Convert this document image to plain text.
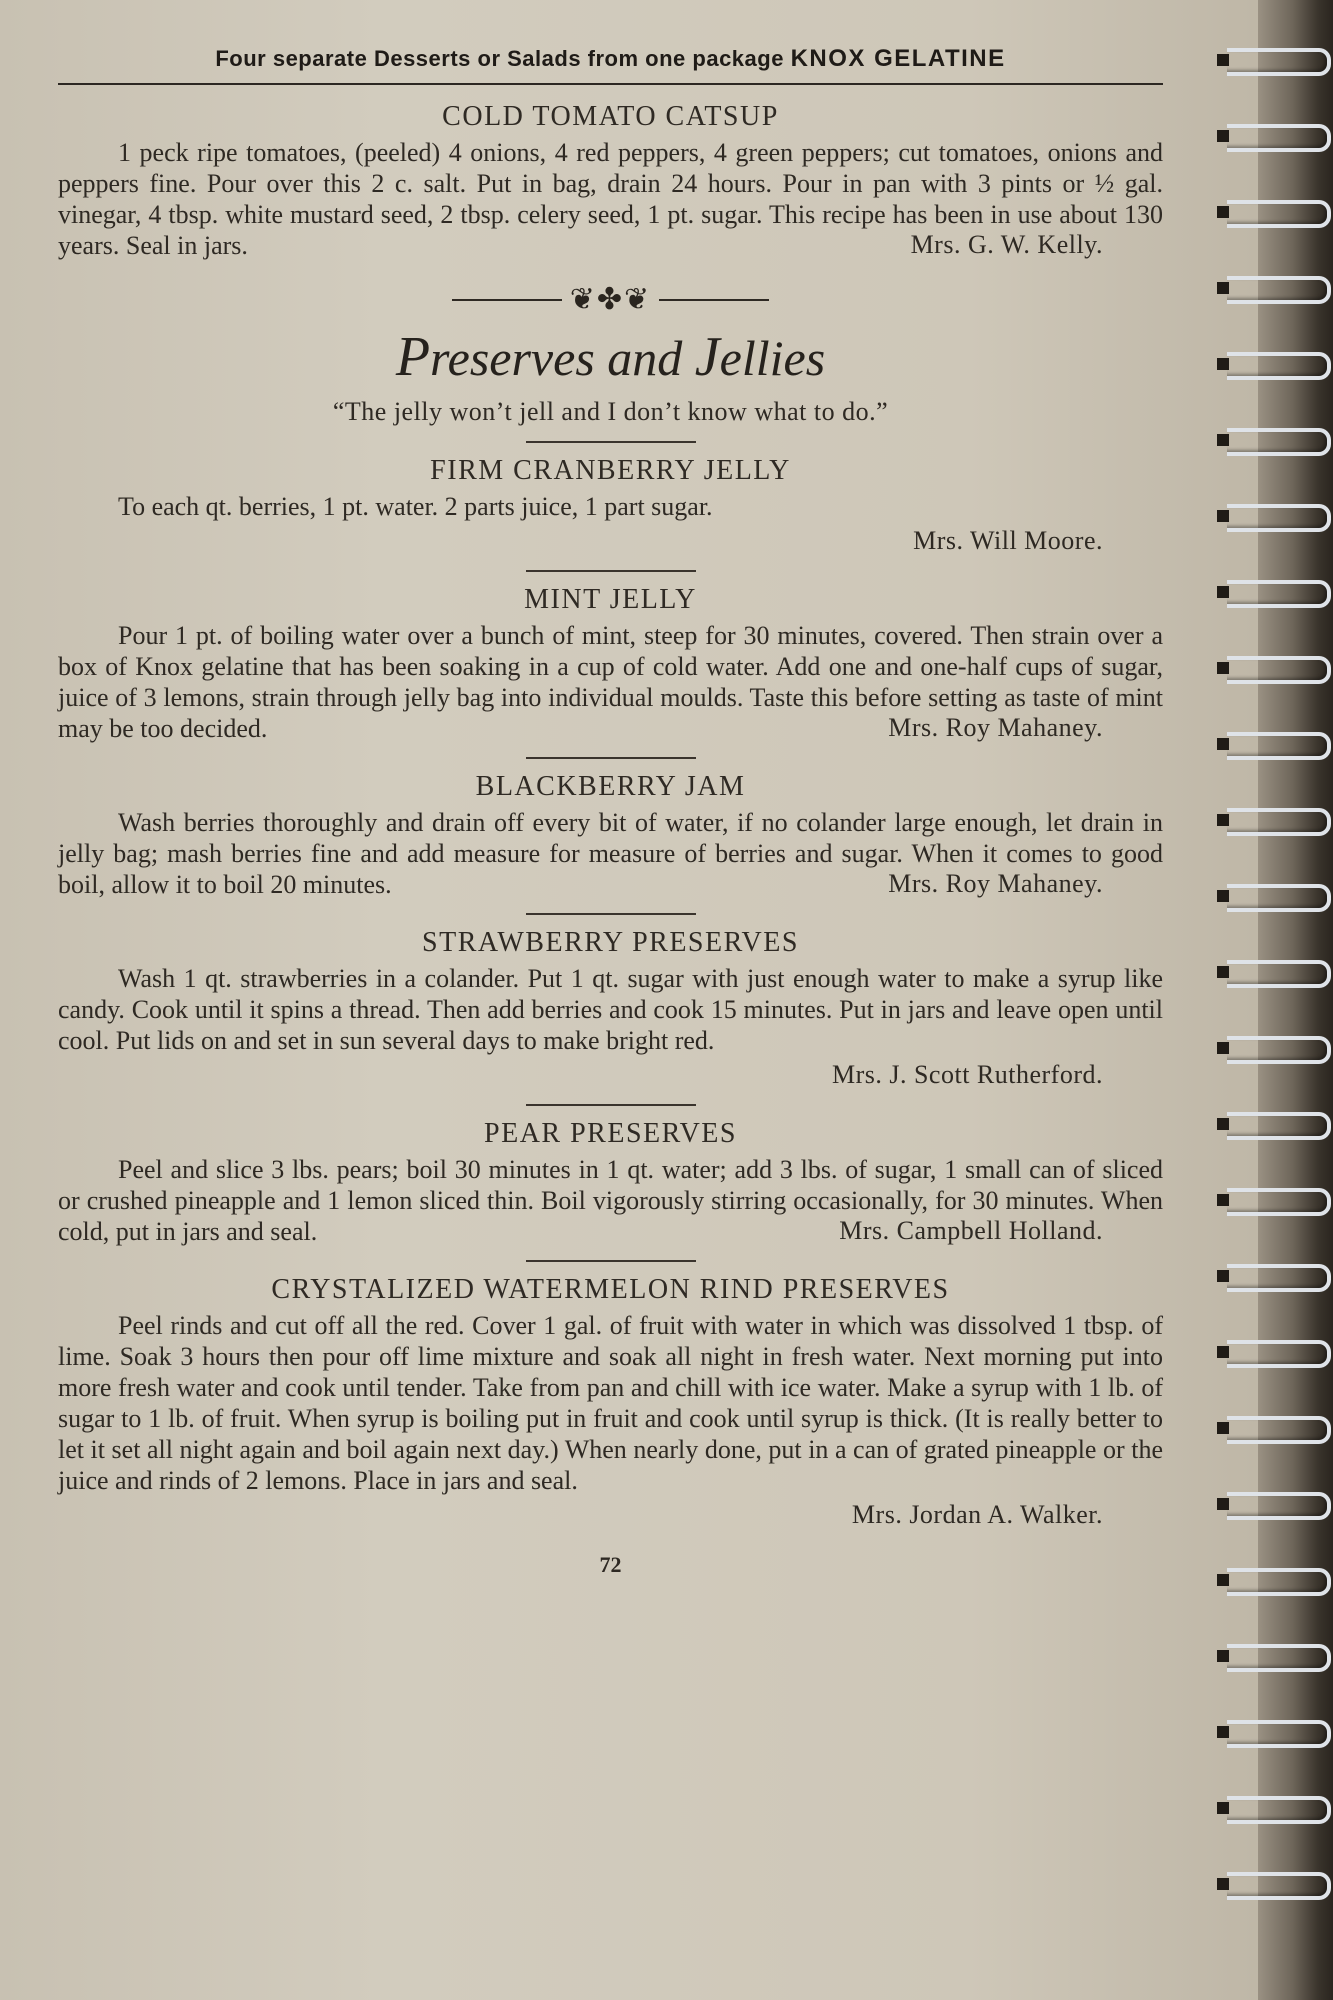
Four separate Desserts or Salads from one package KNOX GELATINE
COLD TOMATO CATSUP

1 peck ripe tomatoes, (peeled) 4 onions, 4 red peppers, 4 green peppers; cut tomatoes, onions and peppers fine. Pour over this 2 c. salt. Put in bag, drain 24 hours. Pour in pan with 3 pints or ½ gal. vinegar, 4 tbsp. white mustard seed, 2 tbsp. celery seed, 1 pt. sugar. This recipe has been in use about 130 years. Seal in jars.	Mrs. G. W. Kelly.
❦✤❦
Preserves and Jellies
“The jelly won’t jell and I don’t know what to do.”
FIRM CRANBERRY JELLY

To each qt. berries, 1 pt. water. 2 parts juice, 1 part sugar.

Mrs. Will Moore.
MINT JELLY

Pour 1 pt. of boiling water over a bunch of mint, steep for 30 minutes, covered. Then strain over a box of Knox gelatine that has been soaking in a cup of cold water. Add one and one-half cups of sugar, juice of 3 lemons, strain through jelly bag into individual moulds. Taste this before setting as taste of mint may be too decided.	Mrs. Roy Mahaney.
BLACKBERRY JAM

Wash berries thoroughly and drain off every bit of water, if no colander large enough, let drain in jelly bag; mash berries fine and add measure for measure of berries and sugar. When it comes to good boil, allow it to boil 20 minutes.	Mrs. Roy Mahaney.
STRAWBERRY PRESERVES

Wash 1 qt. strawberries in a colander. Put 1 qt. sugar with just enough water to make a syrup like candy. Cook until it spins a thread. Then add berries and cook 15 minutes. Put in jars and leave open until cool. Put lids on and set in sun several days to make bright red.

Mrs. J. Scott Rutherford.
PEAR PRESERVES

Peel and slice 3 lbs. pears; boil 30 minutes in 1 qt. water; add 3 lbs. of sugar, 1 small can of sliced or crushed pineapple and 1 lemon sliced thin. Boil vigorously stirring occasionally, for 30 minutes. When cold, put in jars and seal.	Mrs. Campbell Holland.
CRYSTALIZED WATERMELON RIND PRESERVES

Peel rinds and cut off all the red. Cover 1 gal. of fruit with water in which was dissolved 1 tbsp. of lime. Soak 3 hours then pour off lime mixture and soak all night in fresh water. Next morning put into more fresh water and cook until tender. Take from pan and chill with ice water. Make a syrup with 1 lb. of sugar to 1 lb. of fruit. When syrup is boiling put in fruit and cook until syrup is thick. (It is really better to let it set all night again and boil again next day.) When nearly done, put in a can of grated pineapple or the juice and rinds of 2 lemons. Place in jars and seal.

Mrs. Jordan A. Walker.
72
